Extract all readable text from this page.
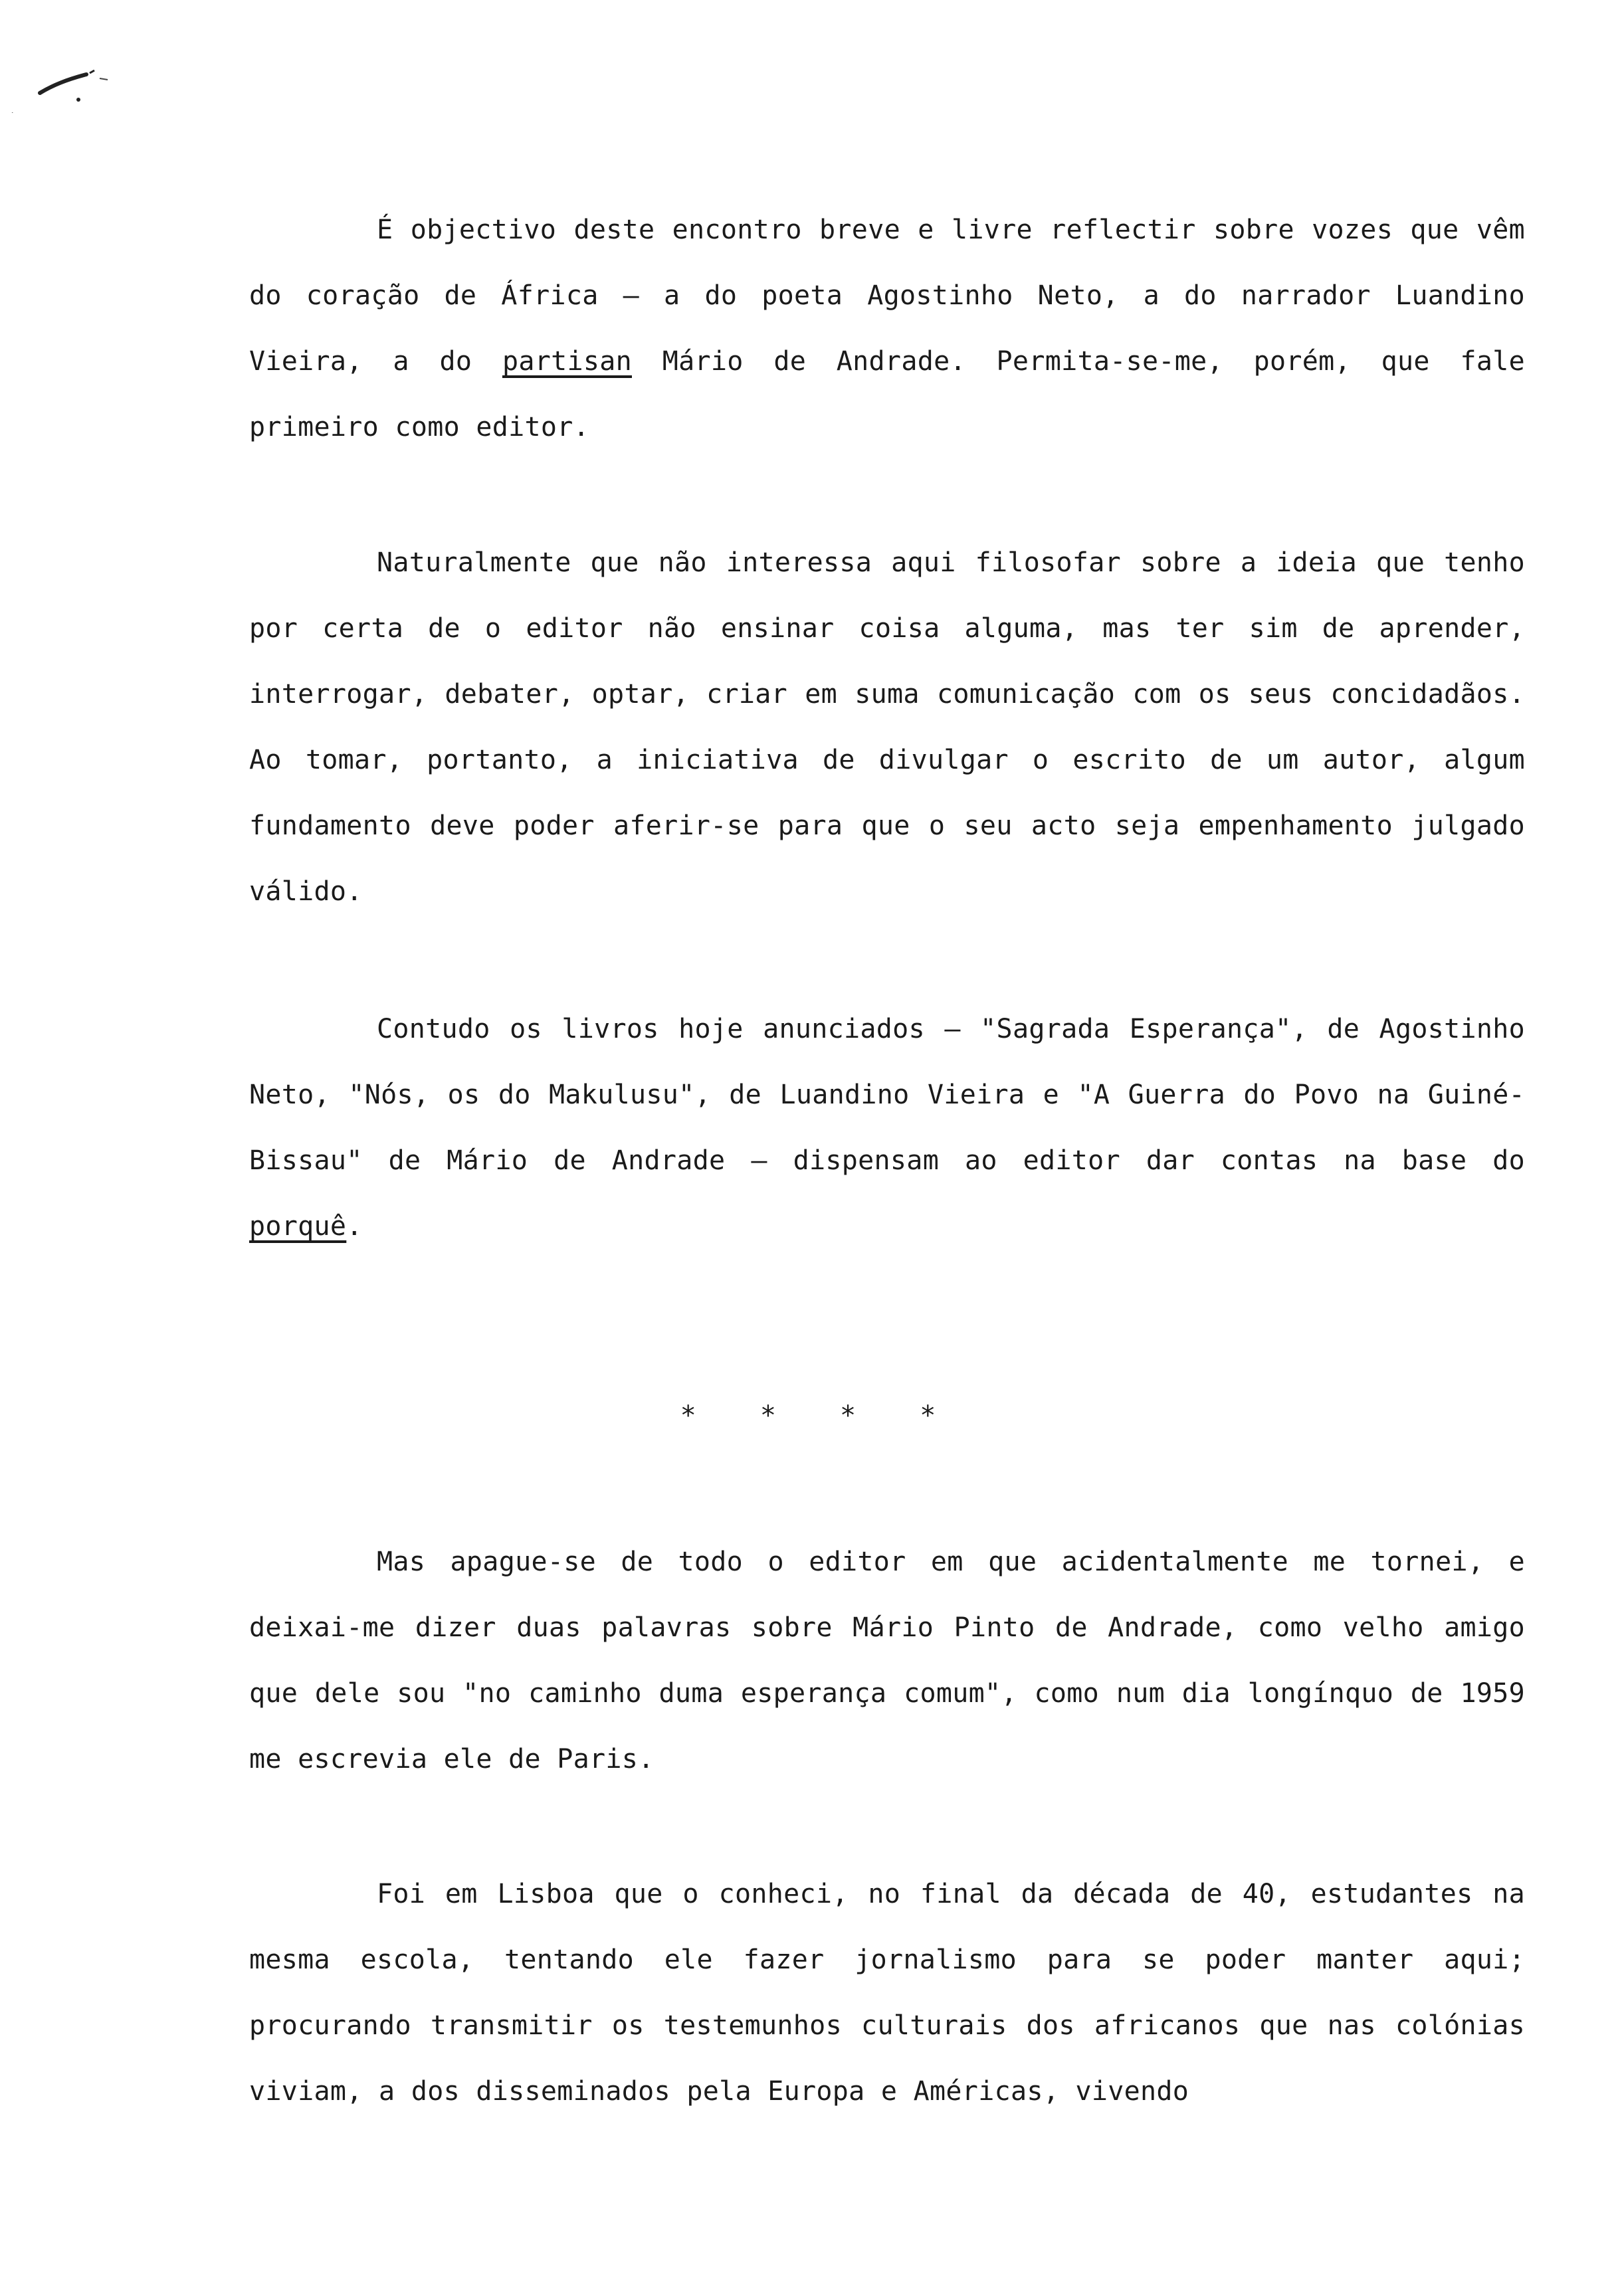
É objectivo deste encontro breve e livre reflectir sobre vozes que vêm do coração de África — a do poeta Agostinho Neto, a do narrador Luandino Vieira, a do partisan Mário de Andrade. Permita-se-me, porém, que fale primeiro como editor.

Naturalmente que não interessa aqui filosofar sobre a ideia que tenho por certa de o editor não ensinar coisa alguma, mas ter sim de aprender, interrogar, debater, optar, criar em suma comunicação com os seus concidadãos. Ao tomar, portanto, a iniciativa de divulgar o escrito de um autor, algum fundamento deve poder aferir-se para que o seu acto seja empenhamento julgado válido.

Contudo os livros hoje anunciados — "Sagrada Esperança", de Agostinho Neto, "Nós, os do Makulusu", de Luandino Vieira e "A Guerra do Povo na Guiné-Bissau" de Mário de Andrade — dispensam ao editor dar contas na base do porquê.

* * * *

Mas apague-se de todo o editor em que acidentalmente me tornei, e deixai-me dizer duas palavras sobre Mário Pinto de Andrade, como velho amigo que dele sou "no caminho duma esperança comum", como num dia longínquo de 1959 me escrevia ele de Paris.

Foi em Lisboa que o conheci, no final da década de 40, estudantes na mesma escola, tentando ele fazer jornalismo para se poder manter aqui; procurando transmitir os testemunhos culturais dos africanos que nas colónias viviam, a dos disseminados pela Europa e Américas, vivendo
